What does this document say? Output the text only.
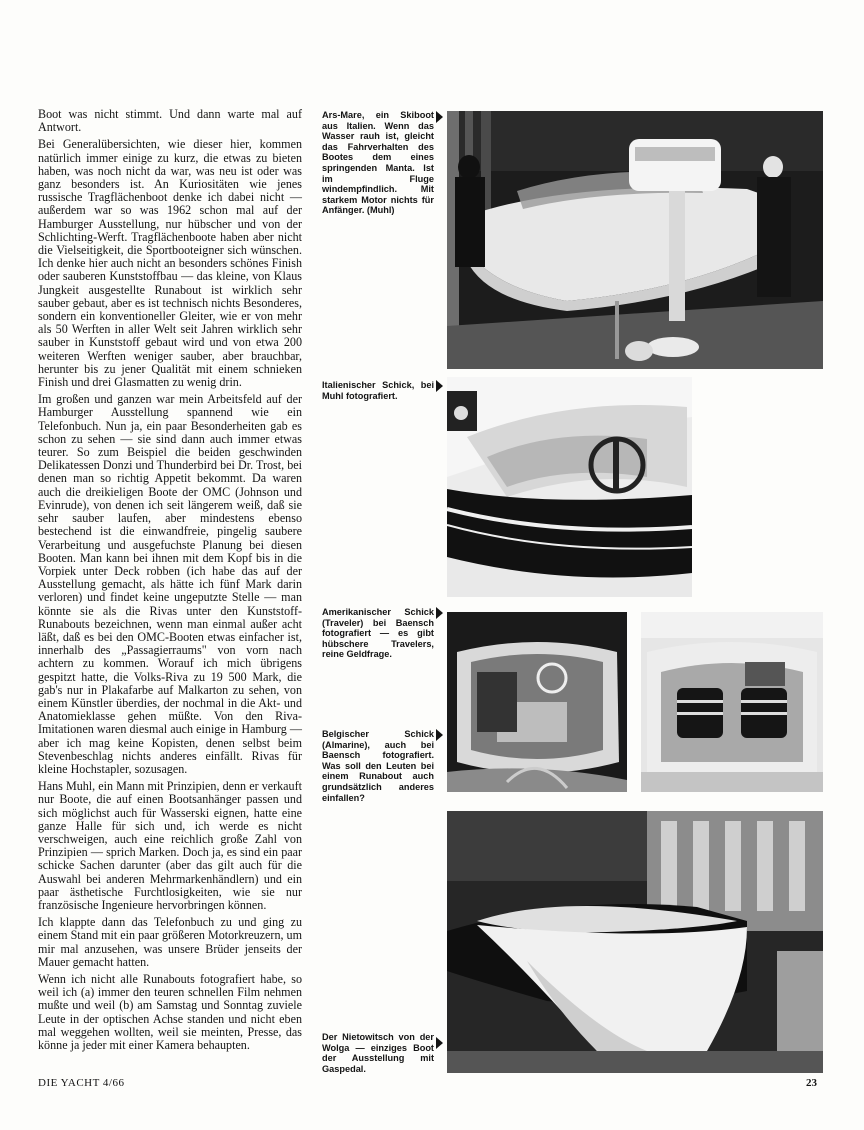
Boot was nicht stimmt. Und dann warte mal auf Antwort.

Bei Generalübersichten, wie dieser hier, kommen natürlich immer einige zu kurz, die etwas zu bieten haben, was noch nicht da war, was neu ist oder was ganz besonders ist. An Kuriositäten wie jenes russische Tragflächenboot denke ich dabei nicht — außerdem war so was 1962 schon mal auf der Hamburger Ausstellung, nur hübscher und von der Schlichting-Werft. Tragflächenboote haben aber nicht die Vielseitigkeit, die Sportbooteigner sich wünschen. Ich denke hier auch nicht an besonders schönes Finish oder sauberen Kunststoffbau — das kleine, von Klaus Jungkeit ausgestellte Runabout ist wirklich sehr sauber gebaut, aber es ist technisch nichts Besonderes, sondern ein konventioneller Gleiter, wie er von mehr als 50 Werften in aller Welt seit Jahren wirklich sehr sauber in Kunststoff gebaut wird und von etwa 200 weiteren Werften weniger sauber, aber brauchbar, herunter bis zu jener Qualität mit einem schnieken Finish und drei Glasmatten zu wenig drin.

Im großen und ganzen war mein Arbeitsfeld auf der Hamburger Ausstellung spannend wie ein Telefonbuch. Nun ja, ein paar Besonderheiten gab es schon zu sehen — sie sind dann auch immer etwas teurer. So zum Beispiel die beiden geschwinden Delikatessen Donzi und Thunderbird bei Dr. Trost, bei denen man so richtig Appetit bekommt. Da waren auch die dreikieligen Boote der OMC (Johnson und Evinrude), von denen ich seit längerem weiß, daß sie sehr sauber laufen, aber mindestens ebenso bestechend ist die einwandfreie, pingelig saubere Verarbeitung und ausgefuchste Planung bei diesen Booten. Man kann bei ihnen mit dem Kopf bis in die Vorpiek unter Deck robben (ich habe das auf der Ausstellung gemacht, als hätte ich fünf Mark darin verloren) und findet keine ungeputzte Stelle — man könnte sie als die Rivas unter den Kunststoff-Runabouts bezeichnen, wenn man einmal außer acht läßt, daß es bei den OMC-Booten etwas einfacher ist, innerhalb des „Passagierraums" von vorn nach achtern zu kommen. Worauf ich mich übrigens gespitzt hatte, die Volks-Riva zu 19 500 Mark, die gab's nur in Plakafarbe auf Malkarton zu sehen, von einem Künstler überdies, der nochmal in die Akt- und Anatomieklasse gehen müßte. Von den Riva-Imitationen waren diesmal auch einige in Hamburg — aber ich mag keine Kopisten, denen selbst beim Stevenbeschlag nichts anderes einfällt. Rivas für kleine Hochstapler, sozusagen.

Hans Muhl, ein Mann mit Prinzipien, denn er verkauft nur Boote, die auf einen Bootsanhänger passen und sich möglichst auch für Wasserski eignen, hatte eine ganze Halle für sich und, ich werde es nicht verschweigen, auch eine reichlich große Zahl von Prinzipien — sprich Marken. Doch ja, es sind ein paar schicke Sachen darunter (aber das gilt auch für die Auswahl bei anderen Mehrmarkenhändlern) und ein paar ästhetische Furchtlosigkeiten, wie sie nur französische Ingenieure hervorbringen können.

Ich klappte dann das Telefonbuch zu und ging zu einem Stand mit ein paar größeren Motorkreuzern, um mir mal anzusehen, was unsere Brüder jenseits der Mauer gemacht hatten.

Wenn ich nicht alle Runabouts fotografiert habe, so weil ich (a) immer den teuren schnellen Film nehmen mußte und weil (b) am Samstag und Sonntag zuviele Leute in der optischen Achse standen und nicht eben mal weggehen wollten, weil sie meinten, Presse, das könne ja jeder mit einer Kamera behaupten.

Ars-Mare, ein Skiboot aus Italien. Wenn das Wasser rauh ist, gleicht das Fahrverhalten des Bootes dem eines springenden Manta. Ist im Fluge windempfindlich. Mit starkem Motor nichts für Anfänger. (Muhl)
Italienischer Schick, bei Muhl fotografiert.
Amerikanischer Schick (Traveler) bei Baensch fotografiert — es gibt hübschere Travelers, reine Geldfrage.
Belgischer Schick (Almarine), auch bei Baensch fotografiert. Was soll den Leuten bei einem Runabout auch grundsätzlich anderes einfallen?
Der Nietowitsch von der Wolga — einziges Boot der Ausstellung mit Gaspedal.
DIE YACHT 4/66	23
